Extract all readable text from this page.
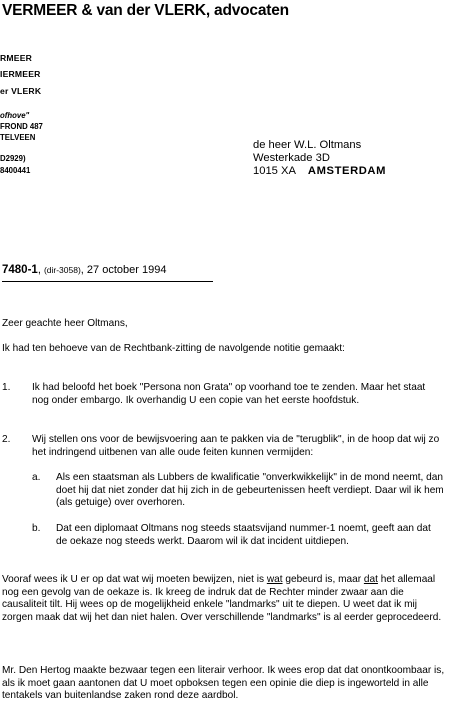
VERMEER & van der VLERK, advocaten
RMEER
IERMEER
er VLERK
ofhove"
FROND 487
TELVEEN
D2929)
8400441
de heer W.L. Oltmans
Westerkade 3D
1015 XA AMSTERDAM
7480-1, (dir-3058), 27 october 1994
Zeer geachte heer Oltmans,
Ik had ten behoeve van de Rechtbank-zitting de navolgende notitie gemaakt:
1. Ik had beloofd het boek "Persona non Grata" op voorhand toe te zenden. Maar het staat nog onder embargo. Ik overhandig U een copie van het eerste hoofdstuk.
2. Wij stellen ons voor de bewijsvoering aan te pakken via de "terugblik", in de hoop dat wij zo het indringend uitbenen van alle oude feiten kunnen vermijden:
a. Als een staatsman als Lubbers de kwalificatie "onverkwikkelijk" in de mond neemt, dan doet hij dat niet zonder dat hij zich in de gebeurtenissen heeft verdiept. Daar wil ik hem (als getuige) over overhoren.
b. Dat een diplomaat Oltmans nog steeds staatsvijand nummer-1 noemt, geeft aan dat de oekaze nog steeds werkt. Daarom wil ik dat incident uitdiepen.
Vooraf wees ik U er op dat wat wij moeten bewijzen, niet is wat gebeurd is, maar dat het allemaal nog een gevolg van de oekaze is. Ik kreeg de indruk dat de Rechter minder zwaar aan die causaliteit tilt. Hij wees op de mogelijkheid enkele "landmarks" uit te diepen. U weet dat ik mij zorgen maak dat wij het dan niet halen. Over verschillende "landmarks" is al eerder geprocedeerd.
Mr. Den Hertog maakte bezwaar tegen een literair verhoor. Ik wees erop dat dat onontkoombaar is, als ik moet gaan aantonen dat U moet opboksen tegen een opinie die diep is ingeworteld in alle tentakels van buitenlandse zaken rond deze aardbol.
